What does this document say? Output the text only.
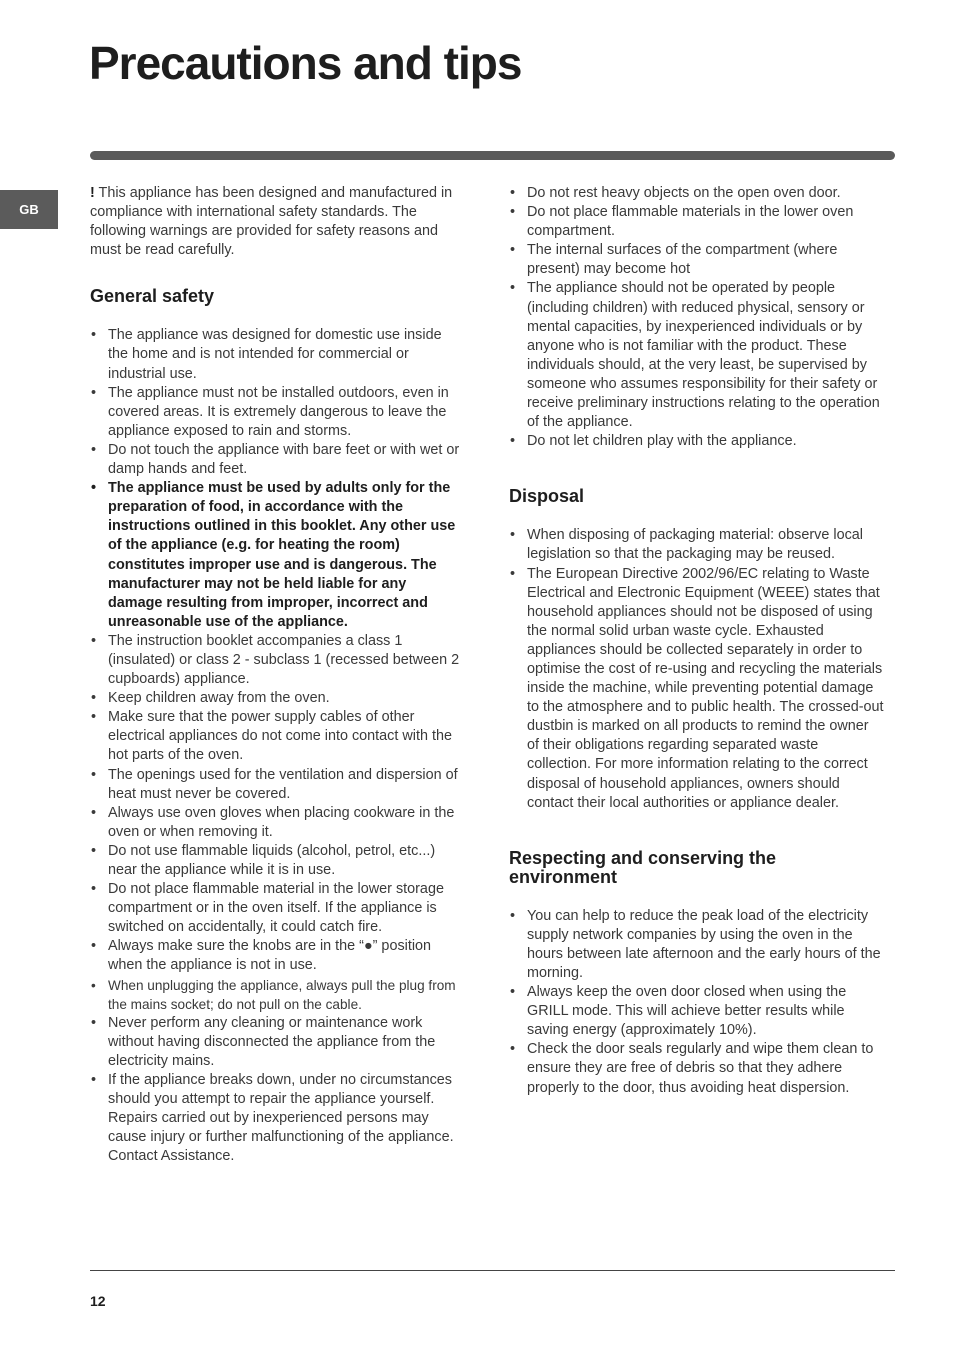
Precautions and tips
GB

! This appliance has been designed and manufactured in compliance with international safety standards. The following warnings are provided for safety reasons and must be read carefully.

General safety
• The appliance was designed for domestic use inside the home and is not intended for commercial or industrial use.
• The appliance must not be installed outdoors, even in covered areas. It is extremely dangerous to leave the appliance exposed to rain and storms.
• Do not touch the appliance with bare feet or with wet or damp hands and feet.
• The appliance must be used by adults only for the preparation of food, in accordance with the instructions outlined in this booklet. Any other use of the appliance (e.g. for heating the room) constitutes improper use and is dangerous. The manufacturer may not be held liable for any damage resulting from improper, incorrect and unreasonable use of the appliance.
• The instruction booklet accompanies a class 1 (insulated) or class 2 - subclass 1 (recessed between 2 cupboards) appliance.
• Keep children away from the oven.
• Make sure that the power supply cables of other electrical appliances do not come into contact with the hot parts of the oven.
• The openings used for the ventilation and dispersion of heat must never be covered.
• Always use oven gloves when placing cookware in the oven or when removing it.
• Do not use flammable liquids (alcohol, petrol, etc...) near the appliance while it is in use.
• Do not place flammable material in the lower storage compartment or in the oven itself. If the appliance is switched on accidentally, it could catch fire.
• Always make sure the knobs are in the “●” position when the appliance is not in use.
• When unplugging the appliance, always pull the plug from the mains socket; do not pull on the cable.
• Never perform any cleaning or maintenance work without having disconnected the appliance from the electricity mains.
• If the appliance breaks down, under no circumstances should you attempt to repair the appliance yourself. Repairs carried out by inexperienced persons may cause injury or further malfunctioning of the appliance. Contact Assistance.
• Do not rest heavy objects on the open oven door.
• Do not place flammable materials in the lower oven compartment.
• The internal surfaces of the compartment (where present) may become hot
• The appliance should not be operated by people (including children) with reduced physical, sensory or mental capacities, by inexperienced individuals or by anyone who is not familiar with the product. These individuals should, at the very least, be supervised by someone who assumes responsibility for their safety or receive preliminary instructions relating to the operation of the appliance.
• Do not let children play with the appliance.
Disposal
• When disposing of packaging material: observe local legislation so that the packaging may be reused.
• The European Directive 2002/96/EC relating to Waste Electrical and Electronic Equipment (WEEE) states that household appliances should not be disposed of using the normal solid urban waste cycle. Exhausted appliances should be collected separately in order to optimise the cost of re-using and recycling the materials inside the machine, while preventing potential damage to the atmosphere and to public health. The crossed-out dustbin is marked on all products to remind the owner of their obligations regarding separated waste collection. For more information relating to the correct disposal of household appliances, owners should contact their local authorities or appliance dealer.
Respecting and conserving the environment
• You can help to reduce the peak load of the electricity supply network companies by using the oven in the hours between late afternoon and the early hours of the morning.
• Always keep the oven door closed when using the GRILL mode. This will achieve better results while saving energy (approximately 10%).
• Check the door seals regularly and wipe them clean to ensure they are free of debris so that they adhere properly to the door, thus avoiding heat dispersion.
12
